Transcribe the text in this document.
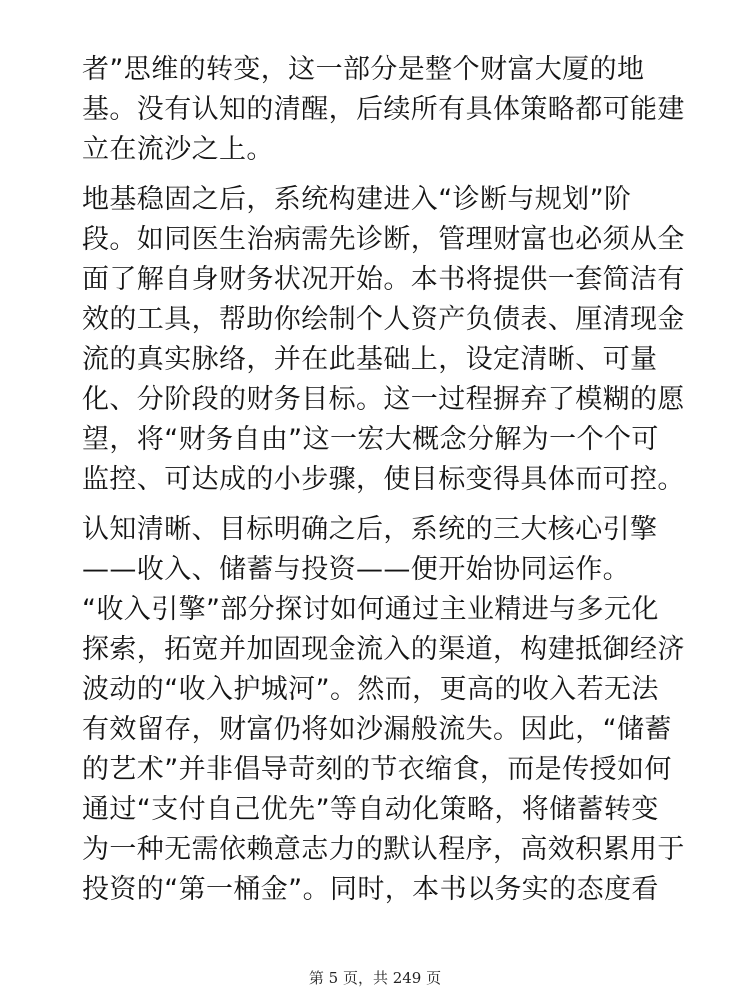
者”思维的转变，这一部分是整个财富大厦的地
基。没有认知的清醒，后续所有具体策略都可能建
立在流沙之上。
地基稳固之后，系统构建进入“诊断与规划”阶
段。如同医生治病需先诊断，管理财富也必须从全
面了解自身财务状况开始。本书将提供一套简洁有
效的工具，帮助你绘制个人资产负债表、厘清现金
流的真实脉络，并在此基础上，设定清晰、可量
化、分阶段的财务目标。这一过程摒弃了模糊的愿
望，将“财务自由”这一宏大概念分解为一个个可
监控、可达成的小步骤，使目标变得具体而可控。
认知清晰、目标明确之后，系统的三大核心引擎
——收入、储蓄与投资——便开始协同运作。
“收入引擎”部分探讨如何通过主业精进与多元化
探索，拓宽并加固现金流入的渠道，构建抵御经济
波动的“收入护城河”。然而，更高的收入若无法
有效留存，财富仍将如沙漏般流失。因此，“储蓄
的艺术”并非倡导苛刻的节衣缩食，而是传授如何
通过“支付自己优先”等自动化策略，将储蓄转变
为一种无需依赖意志力的默认程序，高效积累用于
投资的“第一桶金”。同时，本书以务实的态度看
第 5 页，共 249 页
